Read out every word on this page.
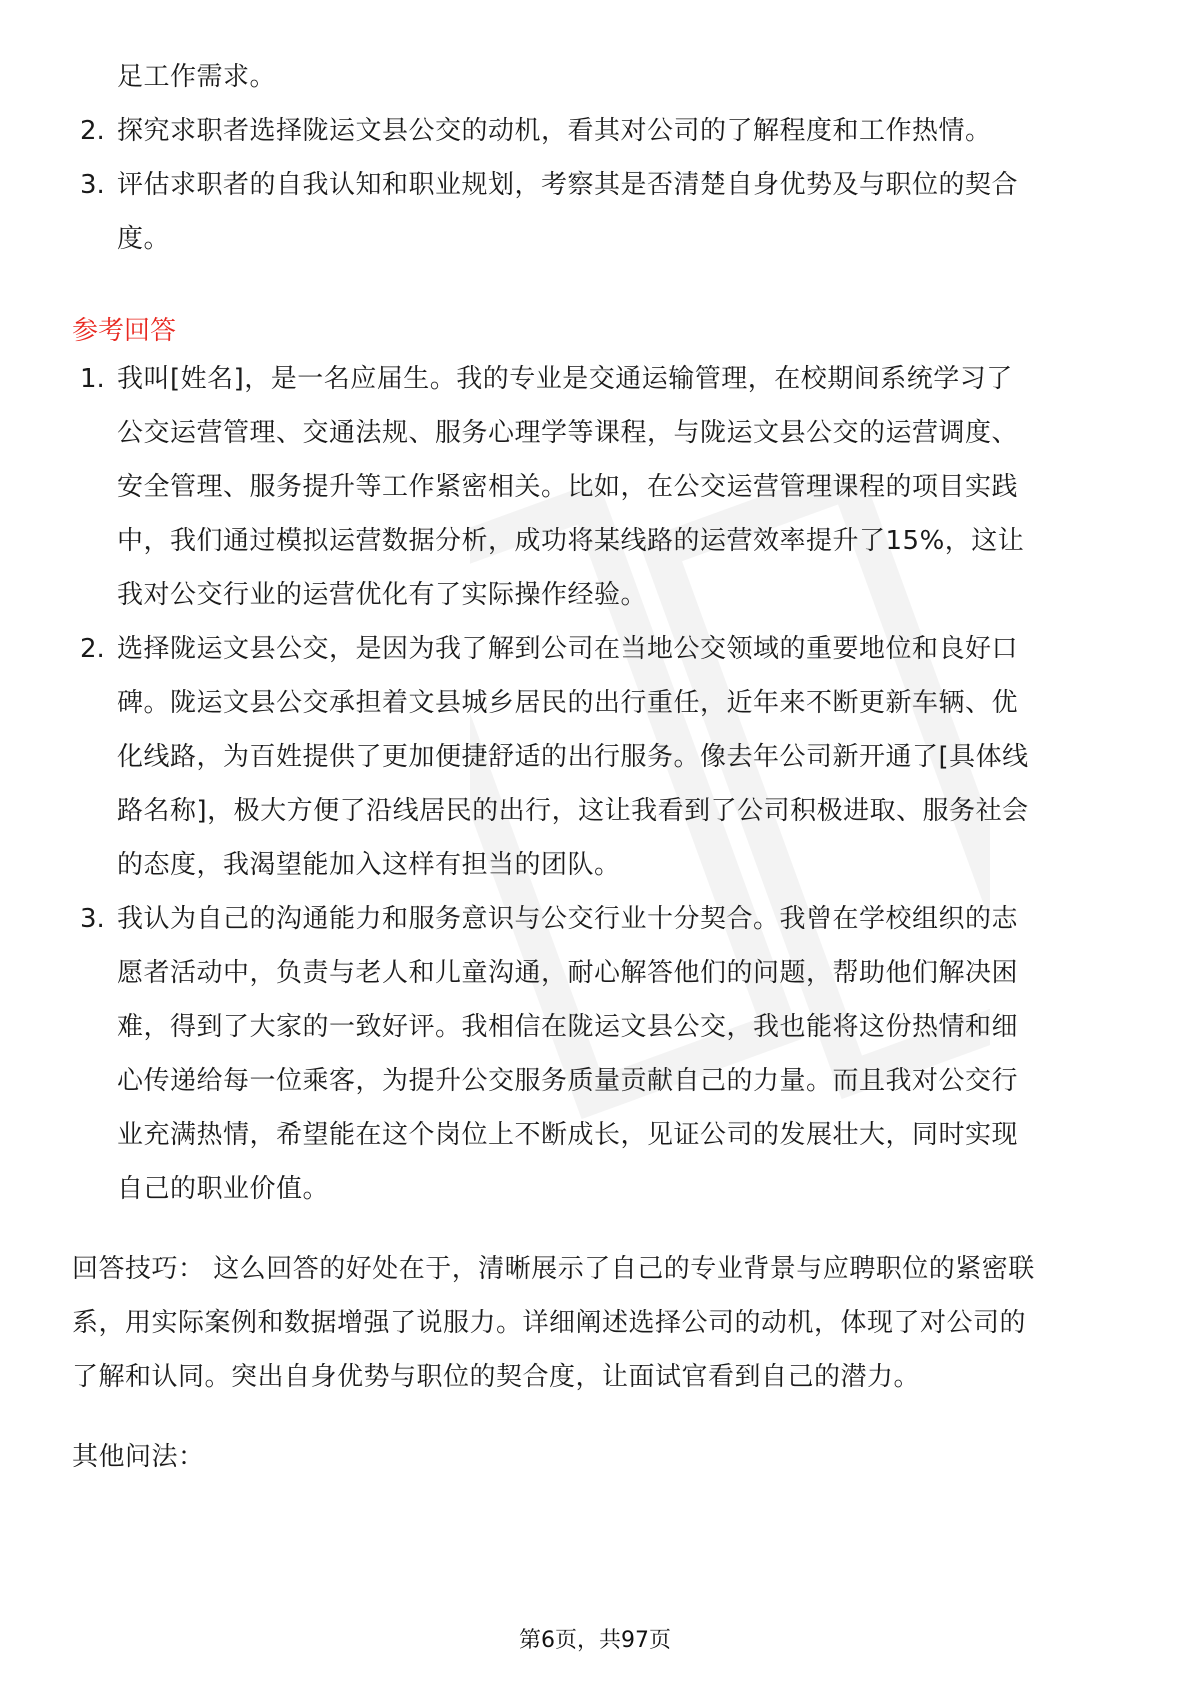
足工作需求。
2. 探究求职者选择陇运文县公交的动机，看其对公司的了解程度和工作热情。
3. 评估求职者的自我认知和职业规划，考察其是否清楚自身优势及与职位的契合
度。
参考回答
1. 我叫[姓名]，是一名应届生。我的专业是交通运输管理，在校期间系统学习了
公交运营管理、交通法规、服务心理学等课程，与陇运文县公交的运营调度、
安全管理、服务提升等工作紧密相关。比如，在公交运营管理课程的项目实践
中，我们通过模拟运营数据分析，成功将某线路的运营效率提升了15%，这让
我对公交行业的运营优化有了实际操作经验。
2. 选择陇运文县公交，是因为我了解到公司在当地公交领域的重要地位和良好口
碑。陇运文县公交承担着文县城乡居民的出行重任，近年来不断更新车辆、优
化线路，为百姓提供了更加便捷舒适的出行服务。像去年公司新开通了[具体线
路名称]，极大方便了沿线居民的出行，这让我看到了公司积极进取、服务社会
的态度，我渴望能加入这样有担当的团队。
3. 我认为自己的沟通能力和服务意识与公交行业十分契合。我曾在学校组织的志
愿者活动中，负责与老人和儿童沟通，耐心解答他们的问题，帮助他们解决困
难，得到了大家的一致好评。我相信在陇运文县公交，我也能将这份热情和细
心传递给每一位乘客，为提升公交服务质量贡献自己的力量。而且我对公交行
业充满热情，希望能在这个岗位上不断成长，见证公司的发展壮大，同时实现
自己的职业价值。
回答技巧： 这么回答的好处在于，清晰展示了自己的专业背景与应聘职位的紧密联
系，用实际案例和数据增强了说服力。详细阐述选择公司的动机，体现了对公司的
了解和认同。突出自身优势与职位的契合度，让面试官看到自己的潜力。
其他问法：
第6页，共97页
